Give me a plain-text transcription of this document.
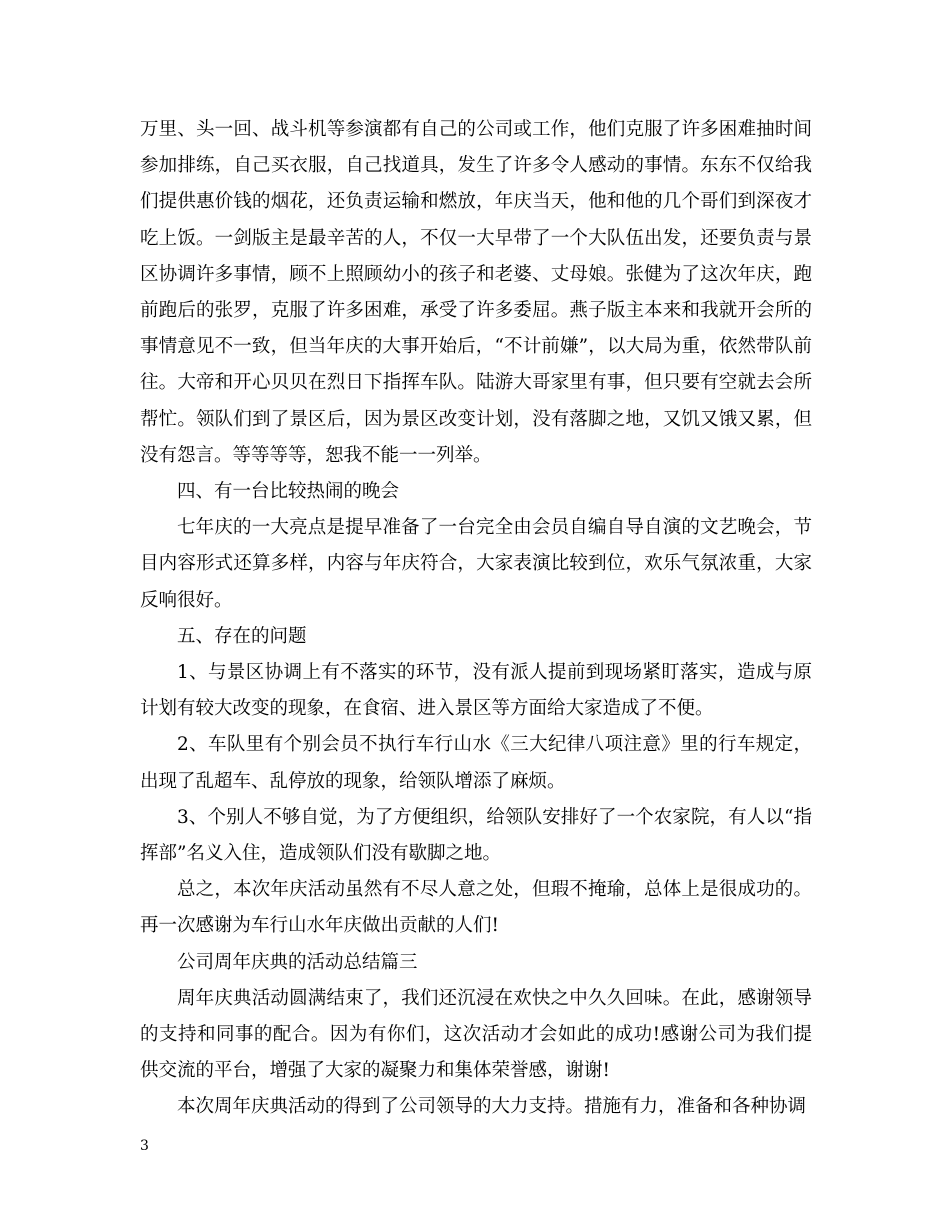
万里、头一回、战斗机等参演都有自己的公司或工作，他们克服了许多困难抽时间参加排练，自己买衣服，自己找道具，发生了许多令人感动的事情。东东不仅给我们提供惠价钱的烟花，还负责运输和燃放，年庆当天，他和他的几个哥们到深夜才吃上饭。一剑版主是最辛苦的人，不仅一大早带了一个大队伍出发，还要负责与景区协调许多事情，顾不上照顾幼小的孩子和老婆、丈母娘。张健为了这次年庆，跑前跑后的张罗，克服了许多困难，承受了许多委屈。燕子版主本来和我就开会所的事情意见不一致，但当年庆的大事开始后，“不计前嫌”，以大局为重，依然带队前往。大帝和开心贝贝在烈日下指挥车队。陆游大哥家里有事，但只要有空就去会所帮忙。领队们到了景区后，因为景区改变计划，没有落脚之地，又饥又饿又累，但没有怨言。等等等等，恕我不能一一列举。

四、有一台比较热闹的晚会

七年庆的一大亮点是提早准备了一台完全由会员自编自导自演的文艺晚会，节目内容形式还算多样，内容与年庆符合，大家表演比较到位，欢乐气氛浓重，大家反响很好。

五、存在的问题

1、与景区协调上有不落实的环节，没有派人提前到现场紧盯落实，造成与原计划有较大改变的现象，在食宿、进入景区等方面给大家造成了不便。

2、车队里有个别会员不执行车行山水《三大纪律八项注意》里的行车规定，出现了乱超车、乱停放的现象，给领队增添了麻烦。

3、个别人不够自觉，为了方便组织，给领队安排好了一个农家院，有人以“指挥部”名义入住，造成领队们没有歇脚之地。

总之，本次年庆活动虽然有不尽人意之处，但瑕不掩瑜，总体上是很成功的。再一次感谢为车行山水年庆做出贡献的人们!

公司周年庆典的活动总结篇三

周年庆典活动圆满结束了，我们还沉浸在欢快之中久久回味。在此，感谢领导的支持和同事的配合。因为有你们，这次活动才会如此的成功!感谢公司为我们提供交流的平台，增强了大家的凝聚力和集体荣誉感，谢谢!

本次周年庆典活动的得到了公司领导的大力支持。措施有力，准备和各种协调

3
